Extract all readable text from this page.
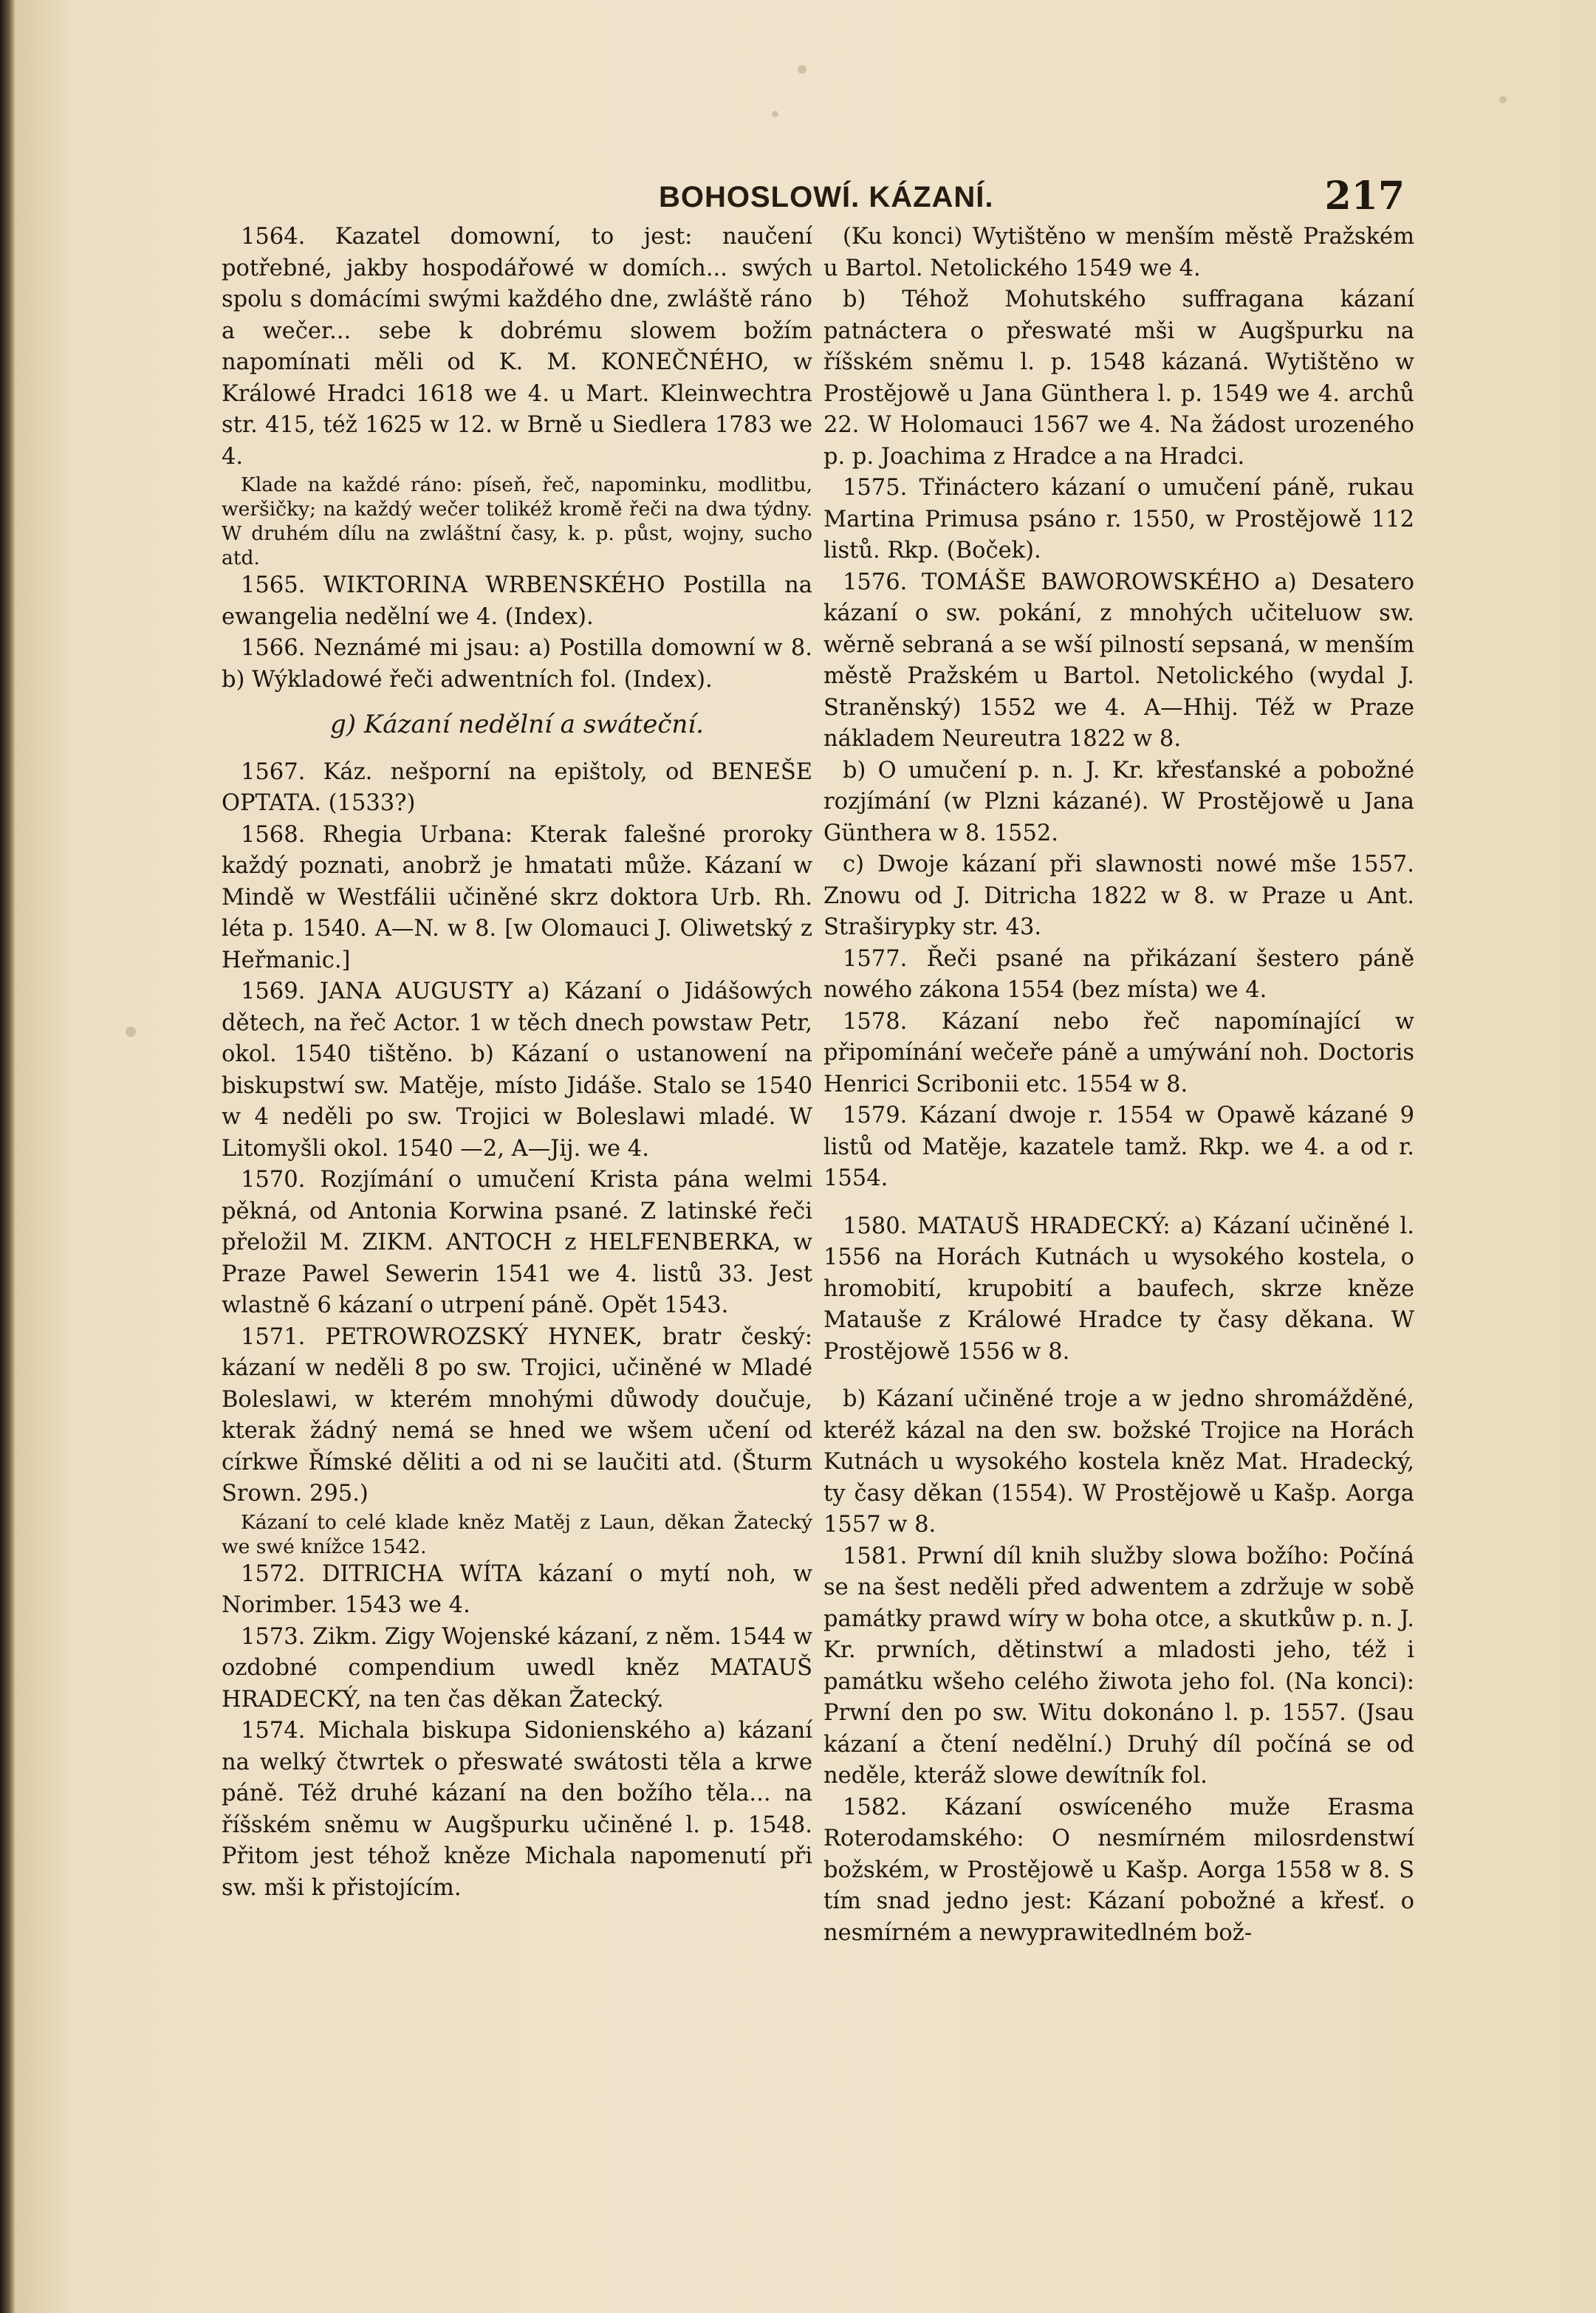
BOHOSLOWÍ. KÁZANÍ.	217

1564. Kazatel domowní, to jest: naučení potřebné, jakby hospodářowé w domích... swých spolu s domácími swými každého dne, zwláště ráno a wečer... sebe k dobrému slowem božím napomínati měli od K. M. KONEČNÉHO, w Králowé Hradci 1618 we 4. u Mart. Kleinwechtra str. 415, též 1625 w 12. w Brně u Siedlera 1783 we 4.

Klade na každé ráno: píseň, řeč, napominku, modlitbu, weršičky; na každý wečer tolikéž kromě řeči na dwa týdny. W druhém dílu na zwláštní časy, k. p. půst, wojny, sucho atd.

1565. WIKTORINA WRBENSKÉHO Postilla na ewangelia nedělní we 4. (Index).

1566. Neznámé mi jsau: a) Postilla domowní w 8. b) Wýkladowé řeči adwentních fol. (Index).

g) Kázaní nedělní a swáteční.

1567. Káz. nešporní na epištoly, od BENEŠE OPTATA. (1533?)

1568. Rhegia Urbana: Kterak falešné proroky každý poznati, anobrž je hmatati může. Kázaní w Mindě w Westfálii učiněné skrz doktora Urb. Rh. léta p. 1540. A—N. w 8. [w Olomauci J. Oliwetský z Heřmanic.]

1569. JANA AUGUSTY a) Kázaní o Jidášowých dětech, na řeč Actor. 1 w těch dnech powstaw Petr, okol. 1540 tištěno. b) Kázaní o ustanowení na biskupstwí sw. Matěje, místo Jidáše. Stalo se 1540 w 4 neděli po sw. Trojici w Boleslawi mladé. W Litomyšli okol. 1540 —2, A—Jij. we 4.

1570. Rozjímání o umučení Krista pána welmi pěkná, od Antonia Korwina psané. Z latinské řeči přeložil M. ZIKM. ANTOCH z HELFENBERKA, w Praze Pawel Sewerin 1541 we 4. listů 33. Jest wlastně 6 kázaní o utrpení páně. Opět 1543.

1571. PETROWROZSKÝ HYNEK, bratr český: kázaní w neděli 8 po sw. Trojici, učiněné w Mladé Boleslawi, w kterém mnohými důwody doučuje, kterak žádný nemá se hned we wšem učení od církwe Římské děliti a od ni se laučiti atd. (Šturm Srown. 295.)

Kázaní to celé klade kněz Matěj z Laun, děkan Žatecký we swé knížce 1542.

1572. DITRICHA WÍTA kázaní o mytí noh, w Norimber. 1543 we 4.

1573. Zikm. Zigy Wojenské kázaní, z něm. 1544 w ozdobné compendium uwedl kněz MATAUŠ HRADECKÝ, na ten čas děkan Žatecký.

1574. Michala biskupa Sidonienského a) kázaní na welký čtwrtek o přeswaté swátosti těla a krwe páně. Též druhé kázaní na den božího těla... na říšském sněmu w Augšpurku učiněné l. p. 1548. Přitom jest téhož kněze Michala napomenutí při sw. mši k přistojícím.

(Ku konci) Wytištěno w menším městě Pražském u Bartol. Netolického 1549 we 4.

b) Téhož Mohutského suffragana kázaní patnáctera o přeswaté mši w Augšpurku na říšském sněmu l. p. 1548 kázaná. Wytištěno w Prostějowě u Jana Günthera l. p. 1549 we 4. archů 22. W Holomauci 1567 we 4. Na žádost urozeného p. p. Joachima z Hradce a na Hradci.

1575. Třináctero kázaní o umučení páně, rukau Martina Primusa psáno r. 1550, w Prostějowě 112 listů. Rkp. (Boček).

1576. TOMÁŠE BAWOROWSKÉHO a) Desatero kázaní o sw. pokání, z mnohých učiteluow sw. wěrně sebraná a se wší pilností sepsaná, w menším městě Pražském u Bartol. Netolického (wydal J. Straněnský) 1552 we 4. A—Hhij. Též w Praze nákladem Neureutra 1822 w 8.

b) O umučení p. n. J. Kr. křesťanské a pobožné rozjímání (w Plzni kázané). W Prostějowě u Jana Günthera w 8. 1552.

c) Dwoje kázaní při slawnosti nowé mše 1557. Znowu od J. Ditricha 1822 w 8. w Praze u Ant. Straširypky str. 43.

1577. Řeči psané na přikázaní šestero páně nowého zákona 1554 (bez místa) we 4.

1578. Kázaní nebo řeč napomínající w připomínání wečeře páně a umýwání noh. Doctoris Henrici Scribonii etc. 1554 w 8.

1579. Kázaní dwoje r. 1554 w Opawě kázané 9 listů od Matěje, kazatele tamž. Rkp. we 4. a od r. 1554.

1580. MATAUŠ HRADECKÝ: a) Kázaní učiněné l. 1556 na Horách Kutnách u wysokého kostela, o hromobití, krupobití a baufech, skrze kněze Matauše z Králowé Hradce ty časy děkana. W Prostějowě 1556 w 8.

b) Kázaní učiněné troje a w jedno shromážděné, kteréž kázal na den sw. božské Trojice na Horách Kutnách u wysokého kostela kněz Mat. Hradecký, ty časy děkan (1554). W Prostějowě u Kašp. Aorga 1557 w 8.

1581. Prwní díl knih služby slowa božího: Počíná se na šest neděli před adwentem a zdržuje w sobě památky prawd wíry w boha otce, a skutkůw p. n. J. Kr. prwních, dětinstwí a mladosti jeho, též i památku wšeho celého žiwota jeho fol. (Na konci): Prwní den po sw. Witu dokonáno l. p. 1557. (Jsau kázaní a čtení nedělní.) Druhý díl počíná se od neděle, kteráž slowe dewítník fol.

1582. Kázaní oswíceného muže Erasma Roterodamského: O nesmírném milosrdenstwí božském, w Prostějowě u Kašp. Aorga 1558 w 8. S tím snad jedno jest: Kázaní pobožné a křesť. o nesmírném a newyprawitedlném bož-
